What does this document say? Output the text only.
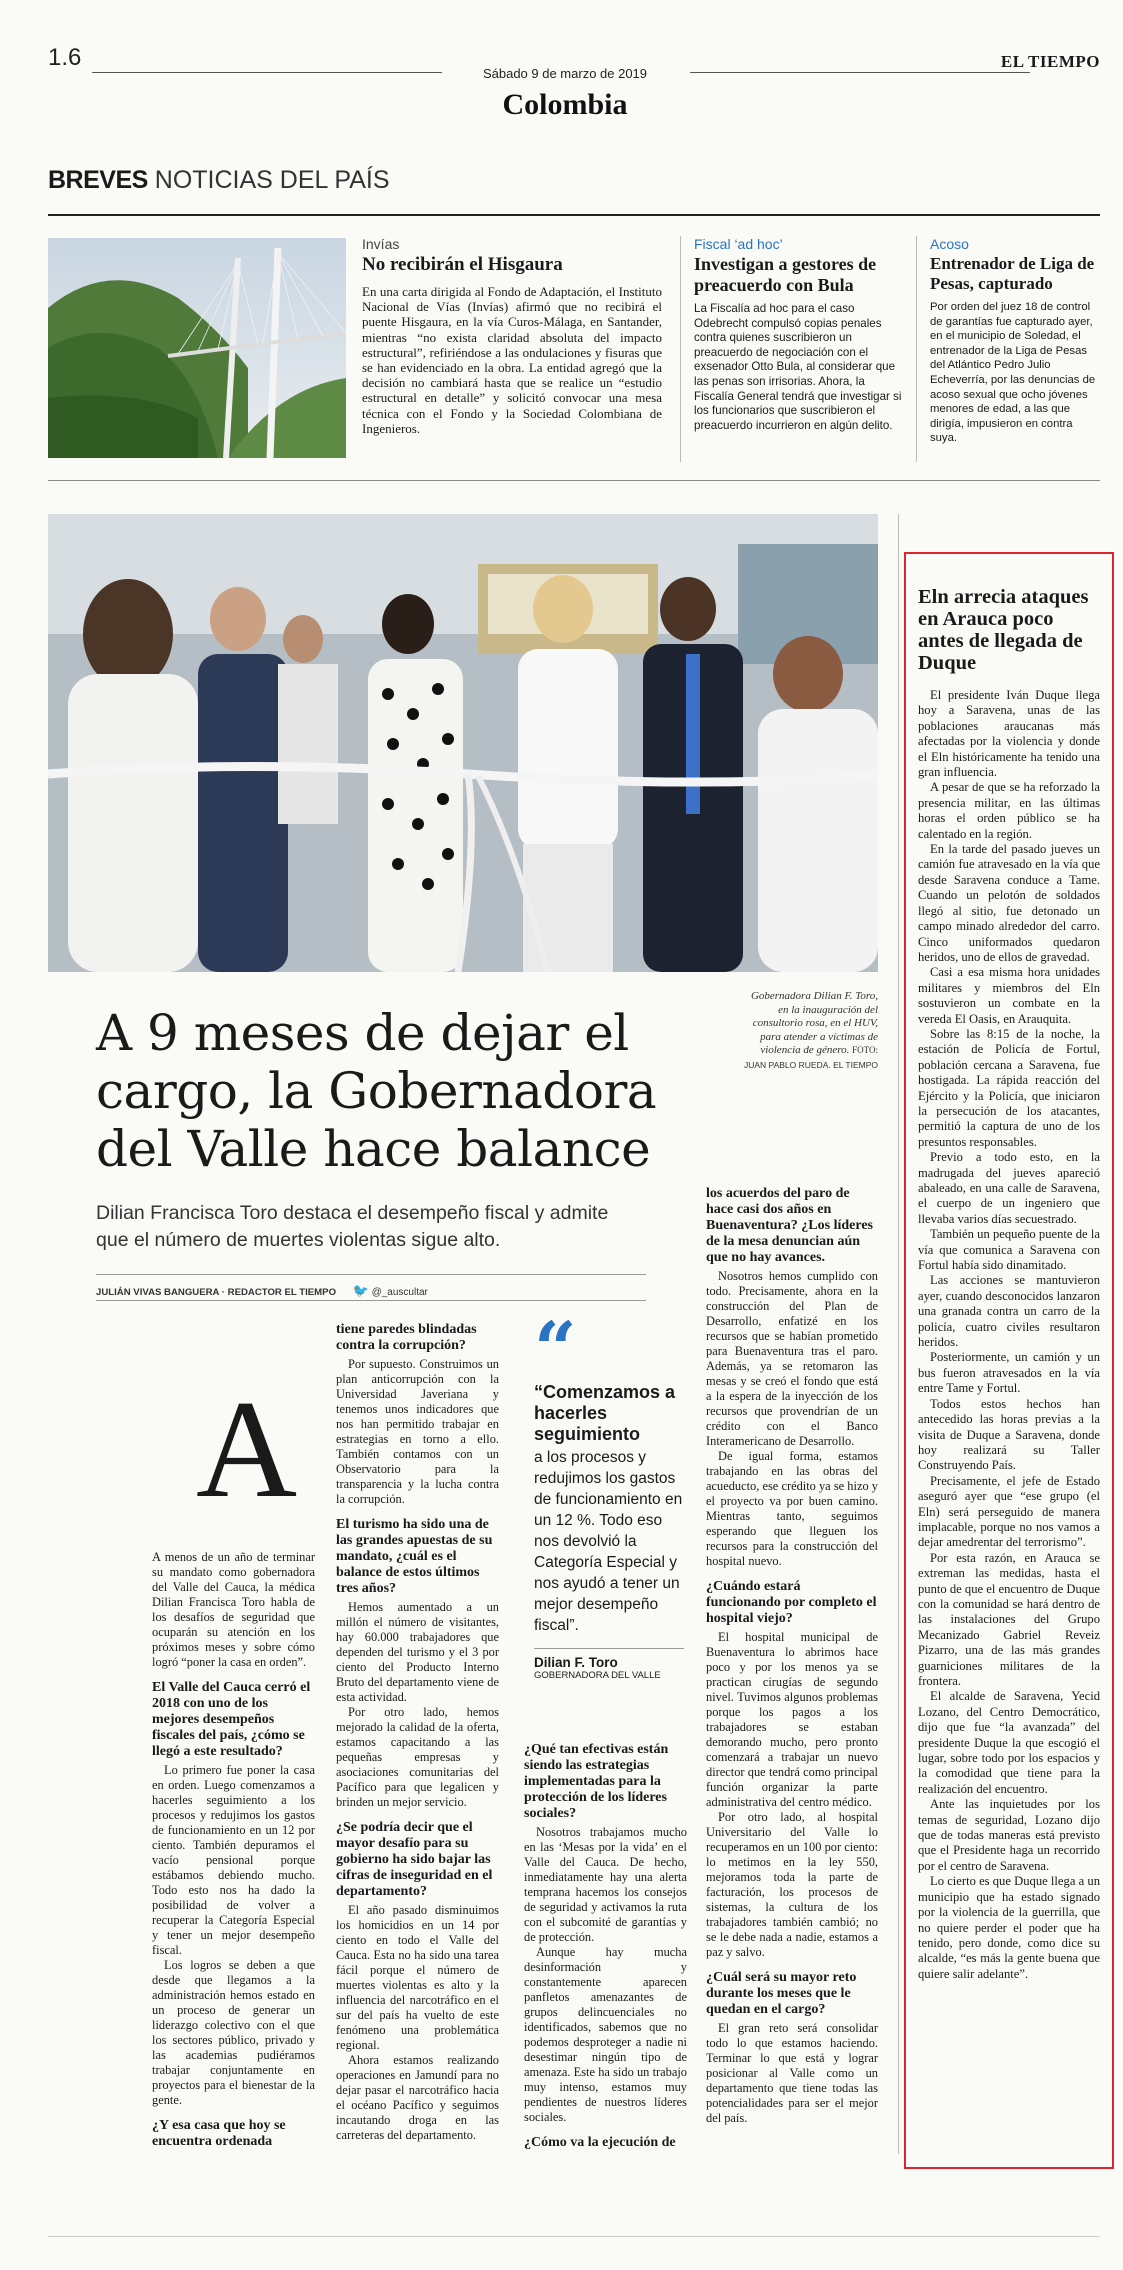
1.6
Sábado 9 de marzo de 2019
Colombia
EL TIEMPO
BREVES NOTICIAS DEL PAÍS
Invías
No recibirán el Hisgaura
En una carta dirigida al Fondo de Adaptación, el Instituto Nacional de Vías (Invías) afirmó que no recibirá el puente Hisgaura, en la vía Curos-Málaga, en Santander, mientras “no exista claridad absoluta del impacto estructural”, refiriéndose a las ondulaciones y fisuras que se han evidenciado en la obra. La entidad agregó que la decisión no cambiará hasta que se realice un “estudio estructural en detalle” y solicitó convocar una mesa técnica con el Fondo y la Sociedad Colombiana de Ingenieros.
Fiscal ‘ad hoc’
Investigan a gestores de preacuerdo con Bula
La Fiscalía ad hoc para el caso Odebrecht compulsó copias penales contra quienes suscribieron un preacuerdo de negociación con el exsenador Otto Bula, al considerar que las penas son irrisorias. Ahora, la Fiscalía General tendrá que investigar si los funcionarios que suscribieron el preacuerdo incurrieron en algún delito.
Acoso
Entrenador de Liga de Pesas, capturado
Por orden del juez 18 de control de garantías fue capturado ayer, en el municipio de Soledad, el entrenador de la Liga de Pesas del Atlántico Pedro Julio Echeverría, por las denuncias de acoso sexual que ocho jóvenes menores de edad, a las que dirigía, impusieron en contra suya.
Gobernadora Dilian F. Toro, en la inauguración del consultorio rosa, en el HUV, para atender a víctimas de violencia de género. FOTO:
JUAN PABLO RUEDA. EL TIEMPO
A 9 meses de dejar el cargo, la Gobernadora del Valle hace balance
Dilian Francisca Toro destaca el desempeño fiscal y admite que el número de muertes violentas sigue alto.
JULIÁN VIVAS BANGUERA · REDACTOR EL TIEMPO 🐦 @_auscultar
A
A menos de un año de terminar su mandato como gobernadora del Valle del Cauca, la médica Dilian Francisca Toro habla de los desafíos de seguridad que ocuparán su atención en los próximos meses y sobre cómo logró “poner la casa en orden”.
El Valle del Cauca cerró el 2018 con uno de los mejores desempeños fiscales del país, ¿cómo se llegó a este resultado?
Lo primero fue poner la casa en orden. Luego comenzamos a hacerles seguimiento a los procesos y redujimos los gastos de funcionamiento en un 12 por ciento. También depuramos el vacío pensional porque estábamos debiendo mucho. Todo esto nos ha dado la posibilidad de volver a recuperar la Categoría Especial y tener un mejor desempeño fiscal.
Los logros se deben a que desde que llegamos a la administración hemos estado en un proceso de generar un liderazgo colectivo con el que los sectores público, privado y las academias pudiéramos trabajar conjuntamente en proyectos para el bienestar de la gente.
¿Y esa casa que hoy se encuentra ordenada
tiene paredes blindadas contra la corrupción?
Por supuesto. Construimos un plan anticorrupción con la Universidad Javeriana y tenemos unos indicadores que nos han permitido trabajar en estrategias en torno a ello. También contamos con un Observatorio para la transparencia y la lucha contra la corrupción.
El turismo ha sido una de las grandes apuestas de su mandato, ¿cuál es el balance de estos últimos tres años?
Hemos aumentado a un millón el número de visitantes, hay 60.000 trabajadores que dependen del turismo y el 3 por ciento del Producto Interno Bruto del departamento viene de esta actividad.
Por otro lado, hemos mejorado la calidad de la oferta, estamos capacitando a las pequeñas empresas y asociaciones comunitarias del Pacífico para que legalicen y brinden un mejor servicio.
¿Se podría decir que el mayor desafío para su gobierno ha sido bajar las cifras de inseguridad en el departamento?
El año pasado disminuimos los homicidios en un 14 por ciento en todo el Valle del Cauca. Esta no ha sido una tarea fácil porque el número de muertes violentas es alto y la influencia del narcotráfico en el sur del país ha vuelto de este fenómeno una problemática regional.
Ahora estamos realizando operaciones en Jamundí para no dejar pasar el narcotráfico hacia el océano Pacífico y seguimos incautando droga en las carreteras del departamento.
“
“Comenzamos a hacerles seguimiento
a los procesos y redujimos los gastos de funcionamiento en un 12 %. Todo eso nos devolvió la Categoría Especial y nos ayudó a tener un mejor desempeño fiscal”.
Dilian F. Toro
GOBERNADORA DEL VALLE
¿Qué tan efectivas están siendo las estrategias implementadas para la protección de los líderes sociales?
Nosotros trabajamos mucho en las ‘Mesas por la vida’ en el Valle del Cauca. De hecho, inmediatamente hay una alerta temprana hacemos los consejos de seguridad y activamos la ruta con el subcomité de garantías y de protección.
Aunque hay mucha desinformación y constantemente aparecen panfletos amenazantes de grupos delincuenciales no identificados, sabemos que no podemos desproteger a nadie ni desestimar ningún tipo de amenaza. Este ha sido un trabajo muy intenso, estamos muy pendientes de nuestros líderes sociales.
¿Cómo va la ejecución de
los acuerdos del paro de hace casi dos años en Buenaventura? ¿Los líderes de la mesa denuncian aún que no hay avances.
Nosotros hemos cumplido con todo. Precisamente, ahora en la construcción del Plan de Desarrollo, enfatizé en los recursos que se habían prometido para Buenaventura tras el paro. Además, ya se retomaron las mesas y se creó el fondo que está a la espera de la inyección de los recursos que provendrían de un crédito con el Banco Interamericano de Desarrollo.
De igual forma, estamos trabajando en las obras del acueducto, ese crédito ya se hizo y el proyecto va por buen camino. Mientras tanto, seguimos esperando que lleguen los recursos para la construcción del hospital nuevo.
¿Cuándo estará funcionando por completo el hospital viejo?
El hospital municipal de Buenaventura lo abrimos hace poco y por los menos ya se practican cirugías de segundo nivel. Tuvimos algunos problemas porque los pagos a los trabajadores se estaban demorando mucho, pero pronto comenzará a trabajar un nuevo director que tendrá como principal función organizar la parte administrativa del centro médico.
Por otro lado, al hospital Universitario del Valle lo recuperamos en un 100 por ciento: lo metimos en la ley 550, mejoramos toda la parte de facturación, los procesos de sistemas, la cultura de los trabajadores también cambió; no se le debe nada a nadie, estamos a paz y salvo.
¿Cuál será su mayor reto durante los meses que le quedan en el cargo?
El gran reto será consolidar todo lo que estamos haciendo. Terminar lo que está y lograr posicionar al Valle como un departamento que tiene todas las potencialidades para ser el mejor del país.
Eln arrecia ataques en Arauca poco antes de llegada de Duque
El presidente Iván Duque llega hoy a Saravena, unas de las poblaciones araucanas más afectadas por la violencia y donde el Eln históricamente ha tenido una gran influencia.
A pesar de que se ha reforzado la presencia militar, en las últimas horas el orden público se ha calentado en la región.
En la tarde del pasado jueves un camión fue atravesado en la vía que desde Saravena conduce a Tame. Cuando un pelotón de soldados llegó al sitio, fue detonado un campo minado alrededor del carro. Cinco uniformados quedaron heridos, uno de ellos de gravedad.
Casi a esa misma hora unidades militares y miembros del Eln sostuvieron un combate en la vereda El Oasis, en Arauquita.
Sobre las 8:15 de la noche, la estación de Policía de Fortul, población cercana a Saravena, fue hostigada. La rápida reacción del Ejército y la Policía, que iniciaron la persecución de los atacantes, permitió la captura de uno de los presuntos responsables.
Previo a todo esto, en la madrugada del jueves apareció abaleado, en una calle de Saravena, el cuerpo de un ingeniero que llevaba varios días secuestrado.
También un pequeño puente de la vía que comunica a Saravena con Fortul había sido dinamitado.
Las acciones se mantuvieron ayer, cuando desconocidos lanzaron una granada contra un carro de la policía, cuatro civiles resultaron heridos.
Posteriormente, un camión y un bus fueron atravesados en la vía entre Tame y Fortul.
Todos estos hechos han antecedido las horas previas a la visita de Duque a Saravena, donde hoy realizará su Taller Construyendo País.
Precisamente, el jefe de Estado aseguró ayer que “ese grupo (el Eln) será perseguido de manera implacable, porque no nos vamos a dejar amedrentar del terrorismo”.
Por esta razón, en Arauca se extreman las medidas, hasta el punto de que el encuentro de Duque con la comunidad se hará dentro de las instalaciones del Grupo Mecanizado Gabriel Reveiz Pizarro, una de las más grandes guarniciones militares de la frontera.
El alcalde de Saravena, Yecid Lozano, del Centro Democrático, dijo que fue “la avanzada” del presidente Duque la que escogió el lugar, sobre todo por los espacios y la comodidad que tiene para la realización del encuentro.
Ante las inquietudes por los temas de seguridad, Lozano dijo que de todas maneras está previsto que el Presidente haga un recorrido por el centro de Saravena.
Lo cierto es que Duque llega a un municipio que ha estado signado por la violencia de la guerrilla, que no quiere perder el poder que ha tenido, pero donde, como dice su alcalde, “es más la gente buena que quiere salir adelante”.
